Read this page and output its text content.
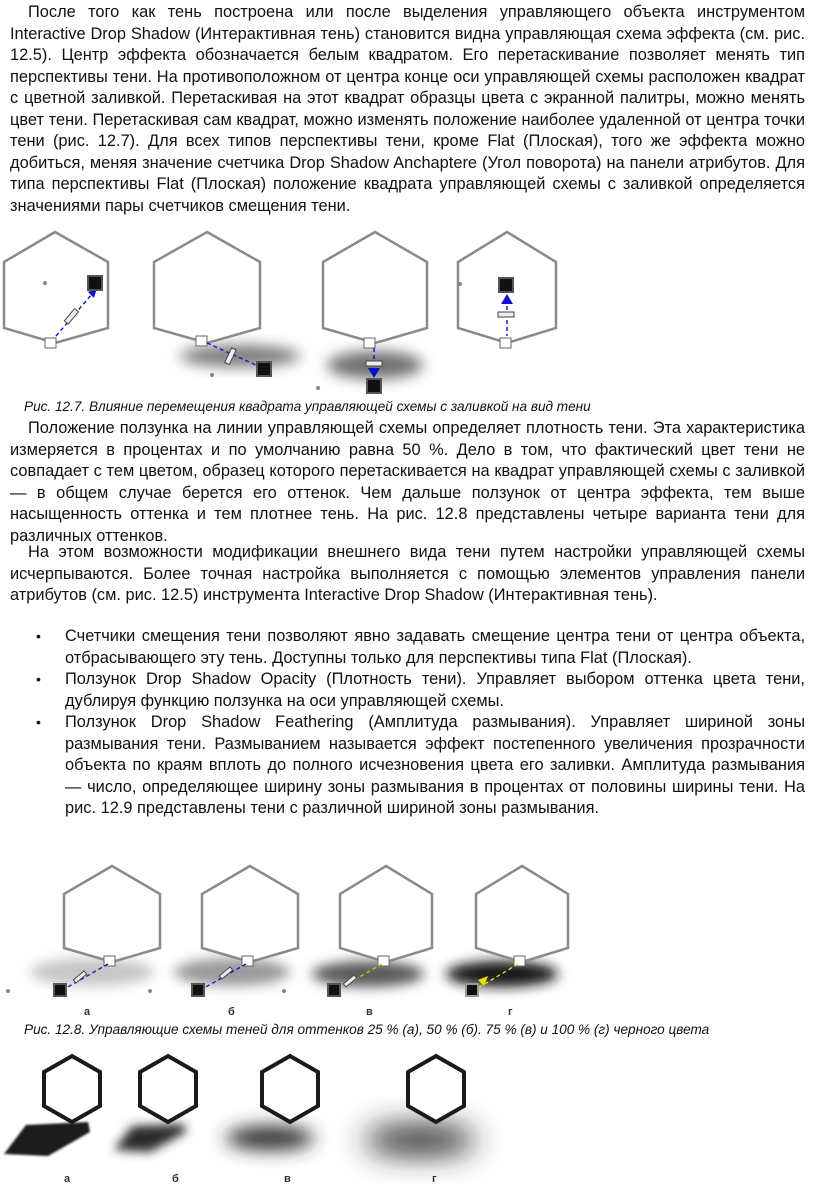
После того как тень построена или после выделения управляющего объекта инструментом Interactive Drop Shadow (Интерактивная тень) становится видна управляющая схема эффекта (см. рис. 12.5). Центр эффекта обозначается белым квадратом. Его перетаскивание позволяет менять тип перспективы тени. На противоположном от центра конце оси управляющей схемы расположен квадрат с цветной заливкой. Перетаскивая на этот квадрат образцы цвета с экранной палитры, можно менять цвет тени. Перетаскивая сам квадрат, можно изменять положение наиболее удаленной от центра точки тени (рис. 12.7). Для всех типов перспективы тени, кроме Flat (Плоская), того же эффекта можно добиться, меняя значение счетчика Drop Shadow Anchaptere (Угол поворота) на панели атрибутов. Для типа перспективы Flat (Плоская) положение квадрата управляющей схемы с заливкой определяется значениями пары счетчиков смещения тени.

Рис. 12.7. Влияние перемещения квадрата управляющей схемы с заливкой на вид тени

Положение ползунка на линии управляющей схемы определяет плотность тени. Эта характеристика измеряется в процентах и по умолчанию равна 50 %. Дело в том, что фактический цвет тени не совпадает с тем цветом, образец которого перетаскивается на квадрат управляющей схемы с заливкой — в общем случае берется его оттенок. Чем дальше ползунок от центра эффекта, тем выше насыщенность оттенка и тем плотнее тень. На рис. 12.8 представлены четыре варианта тени для различных оттенков.

На этом возможности модификации внешнего вида тени путем настройки управляющей схемы исчерпываются. Более точная настройка выполняется с помощью элементов управления панели атрибутов (см. рис. 12.5) инструмента Interactive Drop Shadow (Интерактивная тень).

• Счетчики смещения тени позволяют явно задавать смещение центра тени от центра объекта, отбрасывающего эту тень. Доступны только для перспективы типа Flat (Плоская).
• Ползунок Drop Shadow Opacity (Плотность тени). Управляет выбором оттенка цвета тени, дублируя функцию ползунка на оси управляющей схемы.
• Ползунок Drop Shadow Feathering (Амплитуда размывания). Управляет шириной зоны размывания тени. Размыванием называется эффект постепенного увеличения прозрачности объекта по краям вплоть до полного исчезновения цвета его заливки. Амплитуда размывания — число, определяющее ширину зоны размывания в процентах от половины ширины тени. На рис. 12.9 представлены тени с различной шириной зоны размывания.
а	б	в	г

Рис. 12.8. Управляющие схемы теней для оттенков 25 % (а), 50 % (б). 75 % (в) и 100 % (г) черного цвета

а	б	в	г
